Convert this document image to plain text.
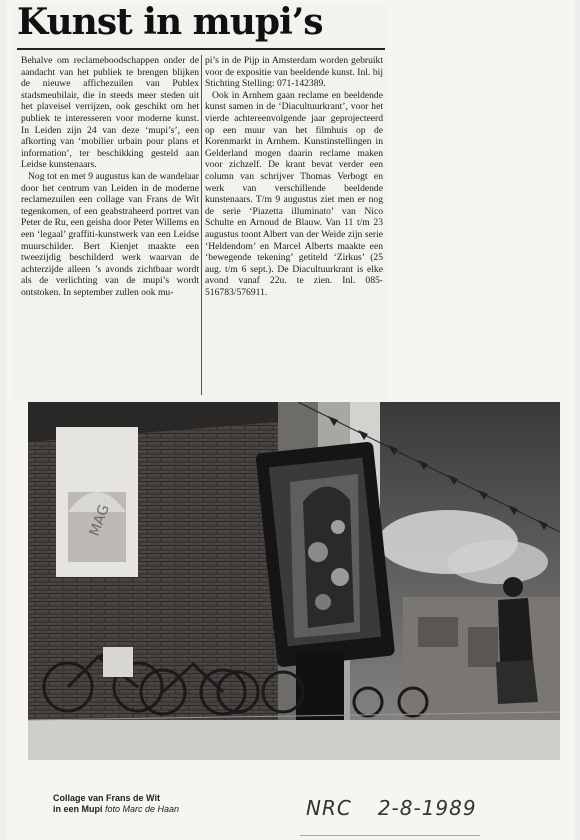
Kunst in mupi’s

Behalve om reclameboodschappen onder de aandacht van het publiek te brengen blijken de nieuwe affichezuilen van Publex stadsmeubilair, die in steeds meer steden uit het plaveisel verrijzen, ook geschikt om het publiek te interesseren voor moderne kunst. In Leiden zijn 24 van deze ‘mupi’s’, een afkorting van ‘mobilier urbain pour plans et information’, ter beschikking gesteld aan Leidse kunstenaars.

Nog tot en met 9 augustus kan de wandelaar door het centrum van Leiden in de moderne reclamezuilen een collage van Frans de Wit tegenkomen, of een geabstraheerd portret van Peter de Ru, een geisha door Peter Willems en een ‘legaal’ graffiti-kunstwerk van een Leidse muurschilder. Bert Kienjet maakte een tweezijdig beschilderd werk waarvan de achterzijde alleen ’s avonds zichtbaar wordt als de verlichting van de mupi’s wordt ontstoken. In september zullen ook mu-

pi’s in de Pijp in Amsterdam worden gebruikt voor de expositie van beeldende kunst. Inl. bij Stichting Stelling: 071-142389.

Ook in Arnhem gaan reclame en beeldende kunst samen in de ‘Diacultuurkrant’, voor het vierde achtereenvolgende jaar geprojecteerd op een muur van het filmhuis op de Korenmarkt in Arnhem. Kunstinstellingen in Gelderland mogen daarin reclame maken voor zichzelf. De krant bevat verder een column van schrijver Thomas Verbogt en werk van verschillende beeldende kunstenaars. T/m 9 augustus ziet men er nog de serie ‘Piazetta illuminato’ van Nico Schulte en Arnoud de Blauw. Van 11 t/m 23 augustus toont Albert van der Weide zijn serie ‘Heldendom’ en Marcel Alberts maakte een ‘bewegende tekening’ getiteld ‘Zirkus’ (25 aug. t/m 6 sept.). De Diacultuurkrant is elke avond vanaf 22u. te zien. Inl. 085-516783/576911.

MAG
Collage van Frans de Wit
in een Mupi foto Marc de Haan	NRC 2-8-1989
